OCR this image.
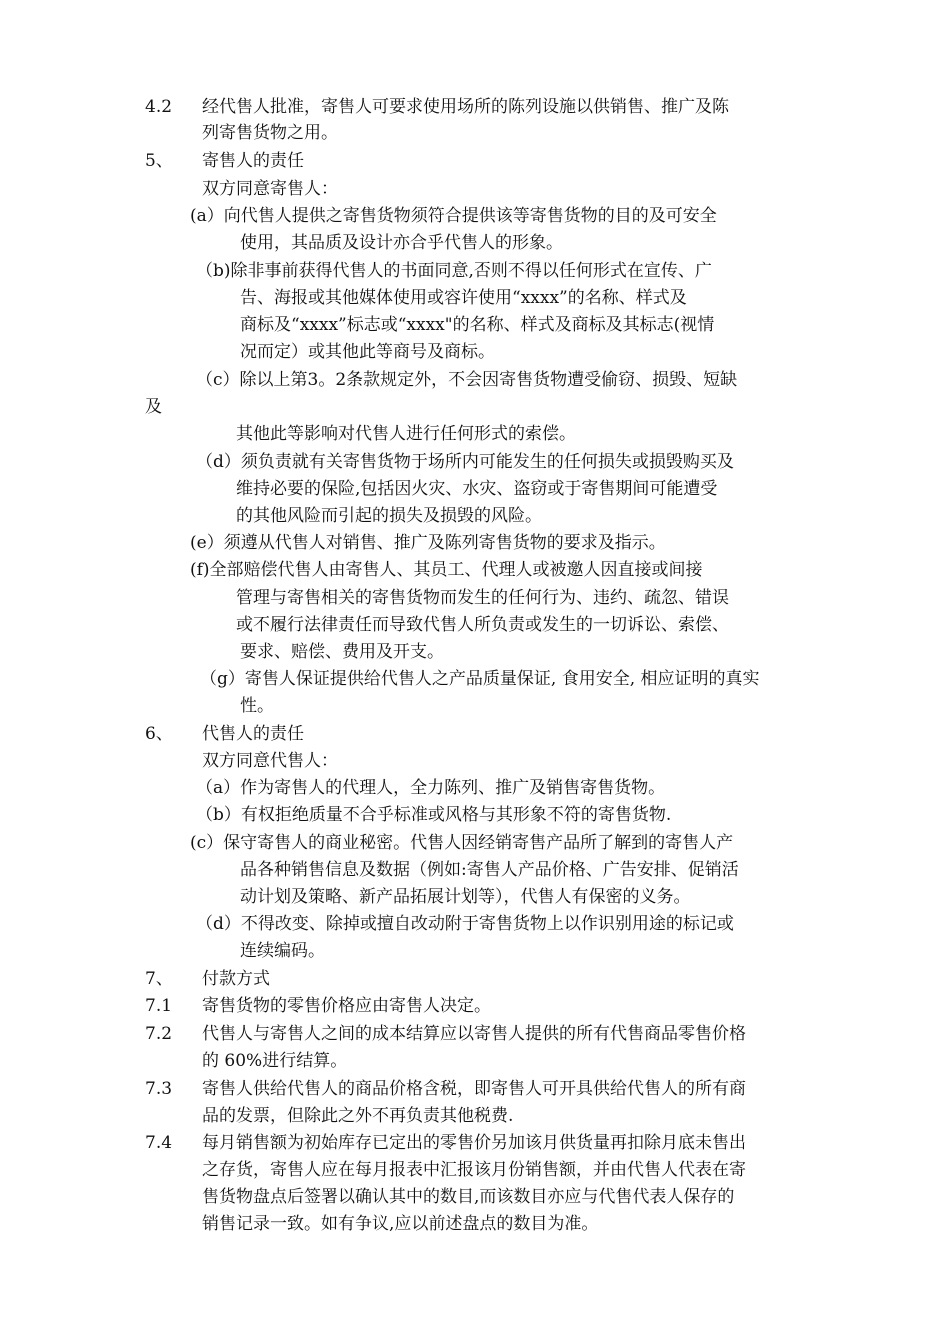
4.2 经代售人批准，寄售人可要求使用场所的陈列设施以供销售、推广及陈
列寄售货物之用。
5、 寄售人的责任
双方同意寄售人：
(a）向代售人提供之寄售货物须符合提供该等寄售货物的目的及可安全
使用，其品质及设计亦合乎代售人的形象。
（b)除非事前获得代售人的书面同意,否则不得以任何形式在宣传、广
告、海报或其他媒体使用或容许使用“xxxx”的名称、样式及
商标及“xxxx”标志或“xxxx"的名称、样式及商标及其标志(视情
况而定）或其他此等商号及商标。
（c）除以上第3。2条款规定外，不会因寄售货物遭受偷窃、损毁、短缺
及
其他此等影响对代售人进行任何形式的索偿。
（d）须负责就有关寄售货物于场所内可能发生的任何损失或损毁购买及
维持必要的保险,包括因火灾、水灾、盗窃或于寄售期间可能遭受
的其他风险而引起的损失及损毁的风险。
(e）须遵从代售人对销售、推广及陈列寄售货物的要求及指示。
(f)全部赔偿代售人由寄售人、其员工、代理人或被邀人因直接或间接
管理与寄售相关的寄售货物而发生的任何行为、违约、疏忽、错误
或不履行法律责任而导致代售人所负责或发生的一切诉讼、索偿、
要求、赔偿、费用及开支。
（g）寄售人保证提供给代售人之产品质量保证, 食用安全, 相应证明的真实
性。
6、 代售人的责任
双方同意代售人：
（a）作为寄售人的代理人，全力陈列、推广及销售寄售货物。
（b）有权拒绝质量不合乎标准或风格与其形象不符的寄售货物.
(c）保守寄售人的商业秘密。代售人因经销寄售产品所了解到的寄售人产
品各种销售信息及数据（例如:寄售人产品价格、广告安排、促销活
动计划及策略、新产品拓展计划等），代售人有保密的义务。
（d）不得改变、除掉或擅自改动附于寄售货物上以作识别用途的标记或
连续编码。
7、 付款方式
7.1 寄售货物的零售价格应由寄售人决定。
7.2 代售人与寄售人之间的成本结算应以寄售人提供的所有代售商品零售价格
的 60%进行结算。
7.3 寄售人供给代售人的商品价格含税，即寄售人可开具供给代售人的所有商
品的发票，但除此之外不再负责其他税费.
7.4 每月销售额为初始库存已定出的零售价另加该月供货量再扣除月底未售出
之存货，寄售人应在每月报表中汇报该月份销售额，并由代售人代表在寄
售货物盘点后签署以确认其中的数目,而该数目亦应与代售代表人保存的
销售记录一致。如有争议,应以前述盘点的数目为准。
